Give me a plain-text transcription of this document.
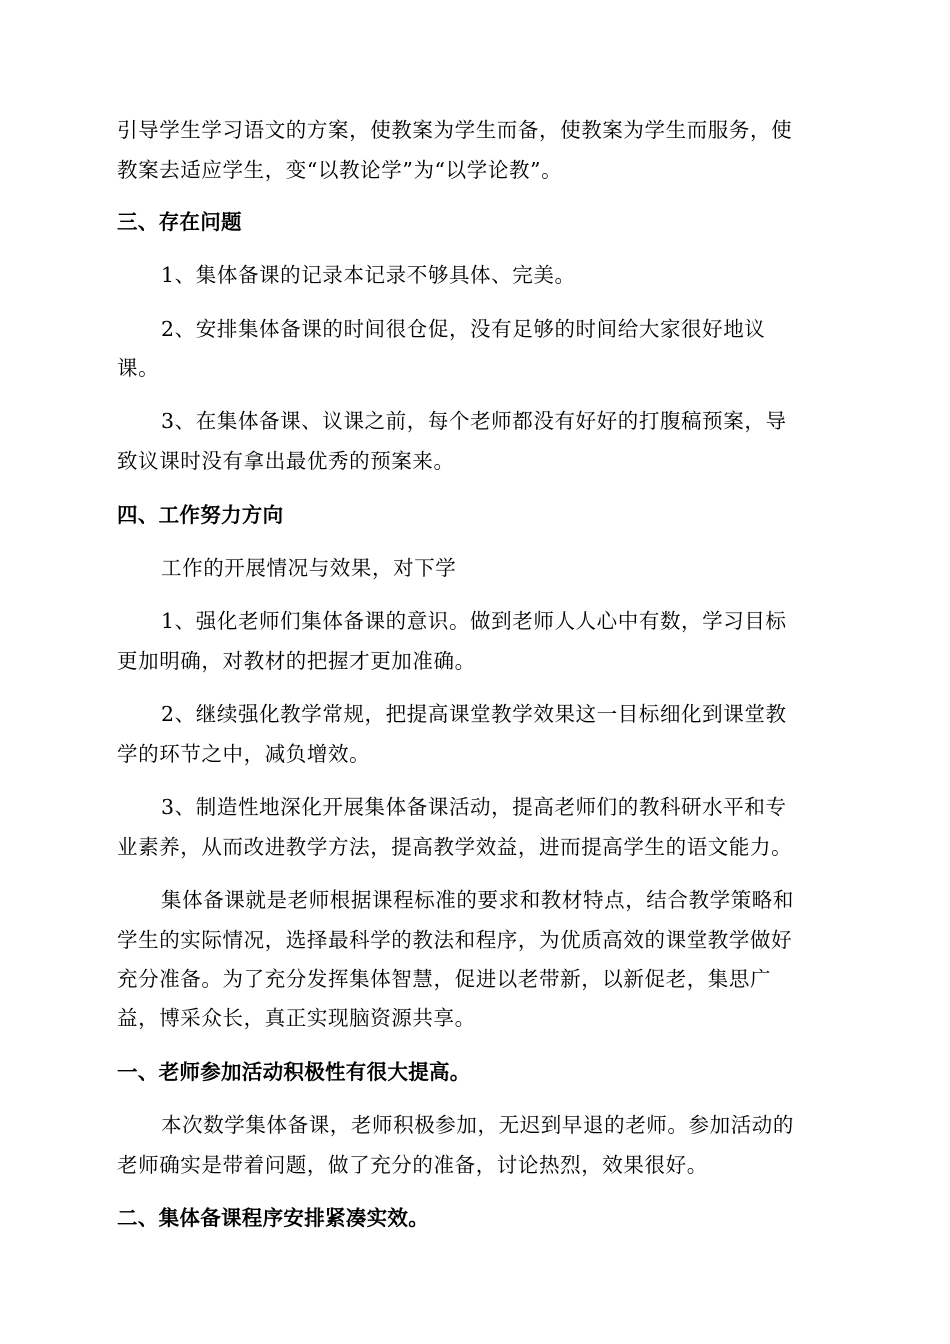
引导学生学习语文的方案，使教案为学生而备，使教案为学生而服务，使
教案去适应学生，变“以教论学”为“以学论教”。
三、存在问题
1、集体备课的记录本记录不够具体、完美。
2、安排集体备课的时间很仓促，没有足够的时间给大家很好地议
课。
3、在集体备课、议课之前，每个老师都没有好好的打腹稿预案，导
致议课时没有拿出最优秀的预案来。
四、工作努力方向
工作的开展情况与效果，对下学
1、强化老师们集体备课的意识。做到老师人人心中有数，学习目标
更加明确，对教材的把握才更加准确。
2、继续强化教学常规，把提高课堂教学效果这一目标细化到课堂教
学的环节之中，减负增效。
3、制造性地深化开展集体备课活动，提高老师们的教科研水平和专
业素养，从而改进教学方法，提高教学效益，进而提高学生的语文能力。
集体备课就是老师根据课程标准的要求和教材特点，结合教学策略和
学生的实际情况，选择最科学的教法和程序，为优质高效的课堂教学做好
充分准备。为了充分发挥集体智慧，促进以老带新，以新促老，集思广
益，博采众长，真正实现脑资源共享。
一、老师参加活动积极性有很大提高。
本次数学集体备课，老师积极参加，无迟到早退的老师。参加活动的
老师确实是带着问题，做了充分的准备，讨论热烈，效果很好。
二、集体备课程序安排紧凑实效。
